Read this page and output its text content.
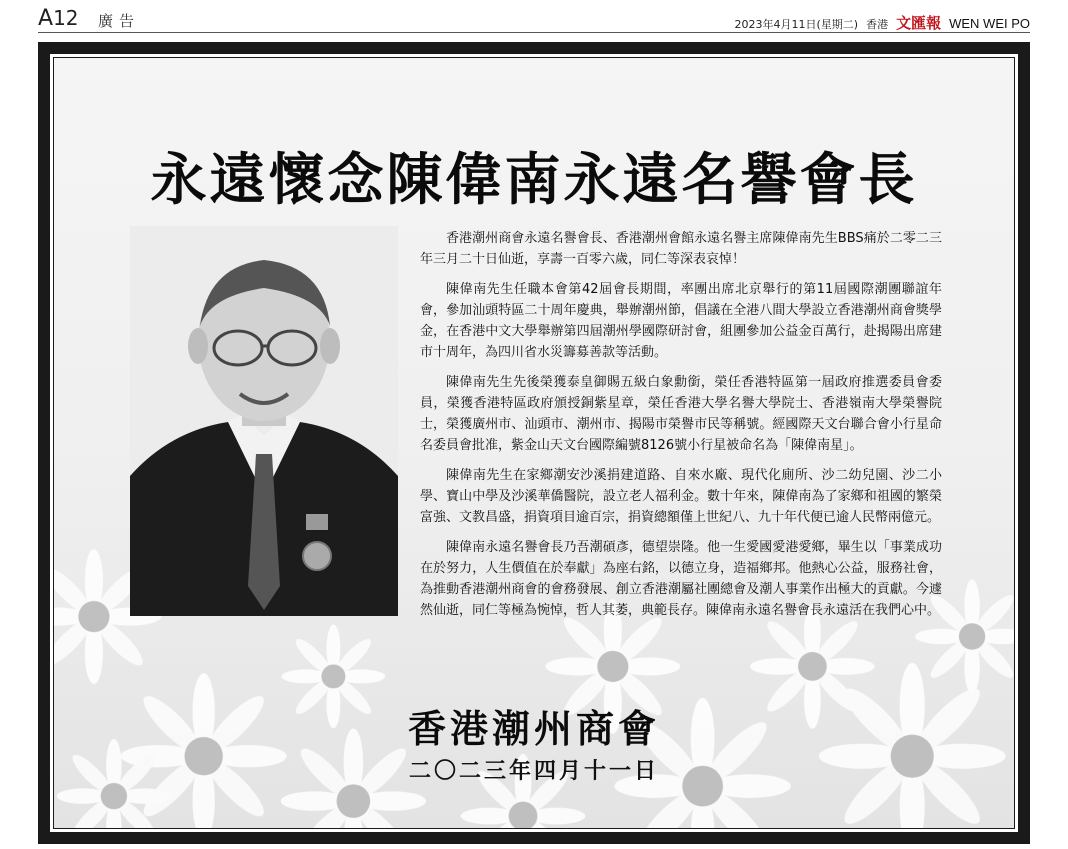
A12 廣告	2023年4月11日(星期二) 香港 文匯報 WEN WEI PO
永遠懷念陳偉南永遠名譽會長

香港潮州商會永遠名譽會長、香港潮州會館永遠名譽主席陳偉南先生BBS痛於二零二三年三月二十日仙逝，享壽一百零六歲，同仁等深表哀悼！

陳偉南先生任職本會第42屆會長期間，率團出席北京舉行的第11屆國際潮團聯誼年會，參加汕頭特區二十周年慶典，舉辦潮州節，倡議在全港八間大學設立香港潮州商會獎學金，在香港中文大學舉辦第四屆潮州學國際研討會，組團參加公益金百萬行，赴揭陽出席建市十周年，為四川省水災籌募善款等活動。

陳偉南先生先後榮獲泰皇御賜五級白象勳銜，榮任香港特區第一屆政府推選委員會委員，榮獲香港特區政府頒授銅紫星章，榮任香港大學名譽大學院士、香港嶺南大學榮譽院士，榮獲廣州市、汕頭市、潮州市、揭陽市榮譽市民等稱號。經國際天文台聯合會小行星命名委員會批准，紫金山天文台國際編號8126號小行星被命名為「陳偉南星」。

陳偉南先生在家鄉潮安沙溪捐建道路、自來水廠、現代化廁所、沙二幼兒園、沙二小學、寶山中學及沙溪華僑醫院，設立老人福利金。數十年來，陳偉南為了家鄉和祖國的繁榮富強、文教昌盛，捐資項目逾百宗，捐資總額僅上世紀八、九十年代便已逾人民幣兩億元。

陳偉南永遠名譽會長乃吾潮碩彥，德望崇隆。他一生愛國愛港愛鄉，畢生以「事業成功在於努力，人生價值在於奉獻」為座右銘，以德立身，造福鄉邦。他熱心公益，服務社會，為推動香港潮州商會的會務發展、創立香港潮屬社團總會及潮人事業作出極大的貢獻。今遽然仙逝，同仁等極為惋悼，哲人其萎，典範長存。陳偉南永遠名譽會長永遠活在我們心中。

香港潮州商會
二〇二三年四月十一日
